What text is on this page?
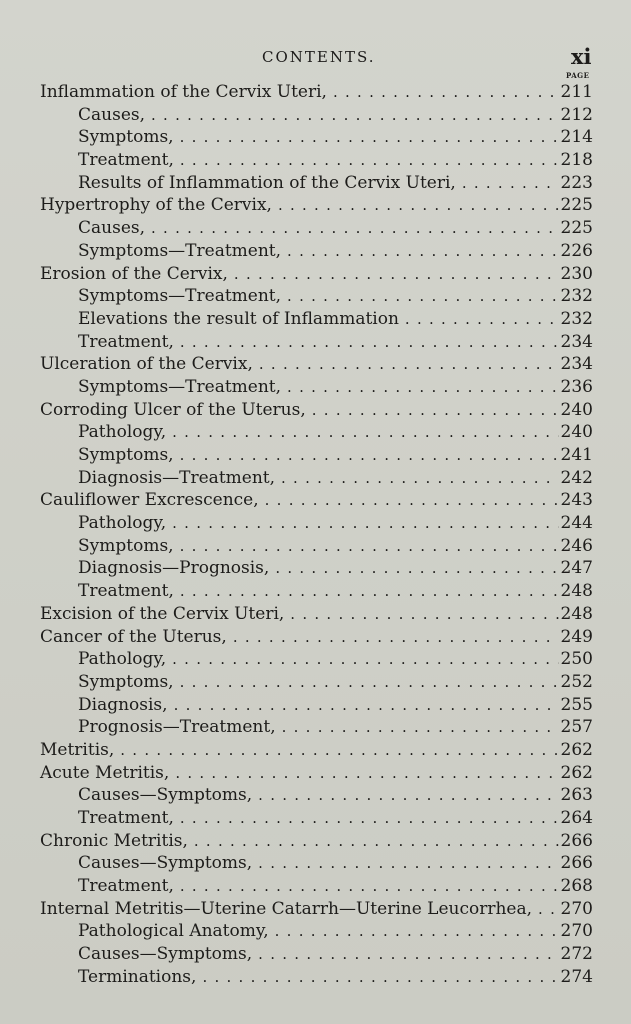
CONTENTS.	xi
PAGE
Inflammation of the Cervix Uteri, . . .	211
Causes, . . .	212
Symptoms, . . .	214
Treatment, . . .	218
Results of Inflammation of the Cervix Uteri, . . .	223
Hypertrophy of the Cervix, . . .	225
Causes, . . .	225
Symptoms—Treatment, . . .	226
Erosion of the Cervix, . . .	230
Symptoms—Treatment, . . .	232
Elevations the result of Inflammation . . .	232
Treatment, . . .	234
Ulceration of the Cervix, . . .	234
Symptoms—Treatment, . . .	236
Corroding Ulcer of the Uterus, . . .	240
Pathology, . . .	240
Symptoms, . . .	241
Diagnosis—Treatment, . . .	242
Cauliflower Excrescence, . . .	243
Pathology, . . .	244
Symptoms, . . .	246
Diagnosis—Prognosis, . . .	247
Treatment, . . .	248
Excision of the Cervix Uteri, . . .	248
Cancer of the Uterus, . . .	249
Pathology, . . .	250
Symptoms, . . .	252
Diagnosis, . . .	255
Prognosis—Treatment, . . .	257
Metritis, . . .	262
Acute Metritis, . . .	262
Causes—Symptoms, . . .	263
Treatment, . . .	264
Chronic Metritis, . . .	266
Causes—Symptoms, . . .	266
Treatment, . . .	268
Internal Metritis—Uterine Catarrh—Uterine Leucorrhea, . . . 270
Pathological Anatomy, . . .	270
Causes—Symptoms, . . .	272
Terminations, . . .	274
